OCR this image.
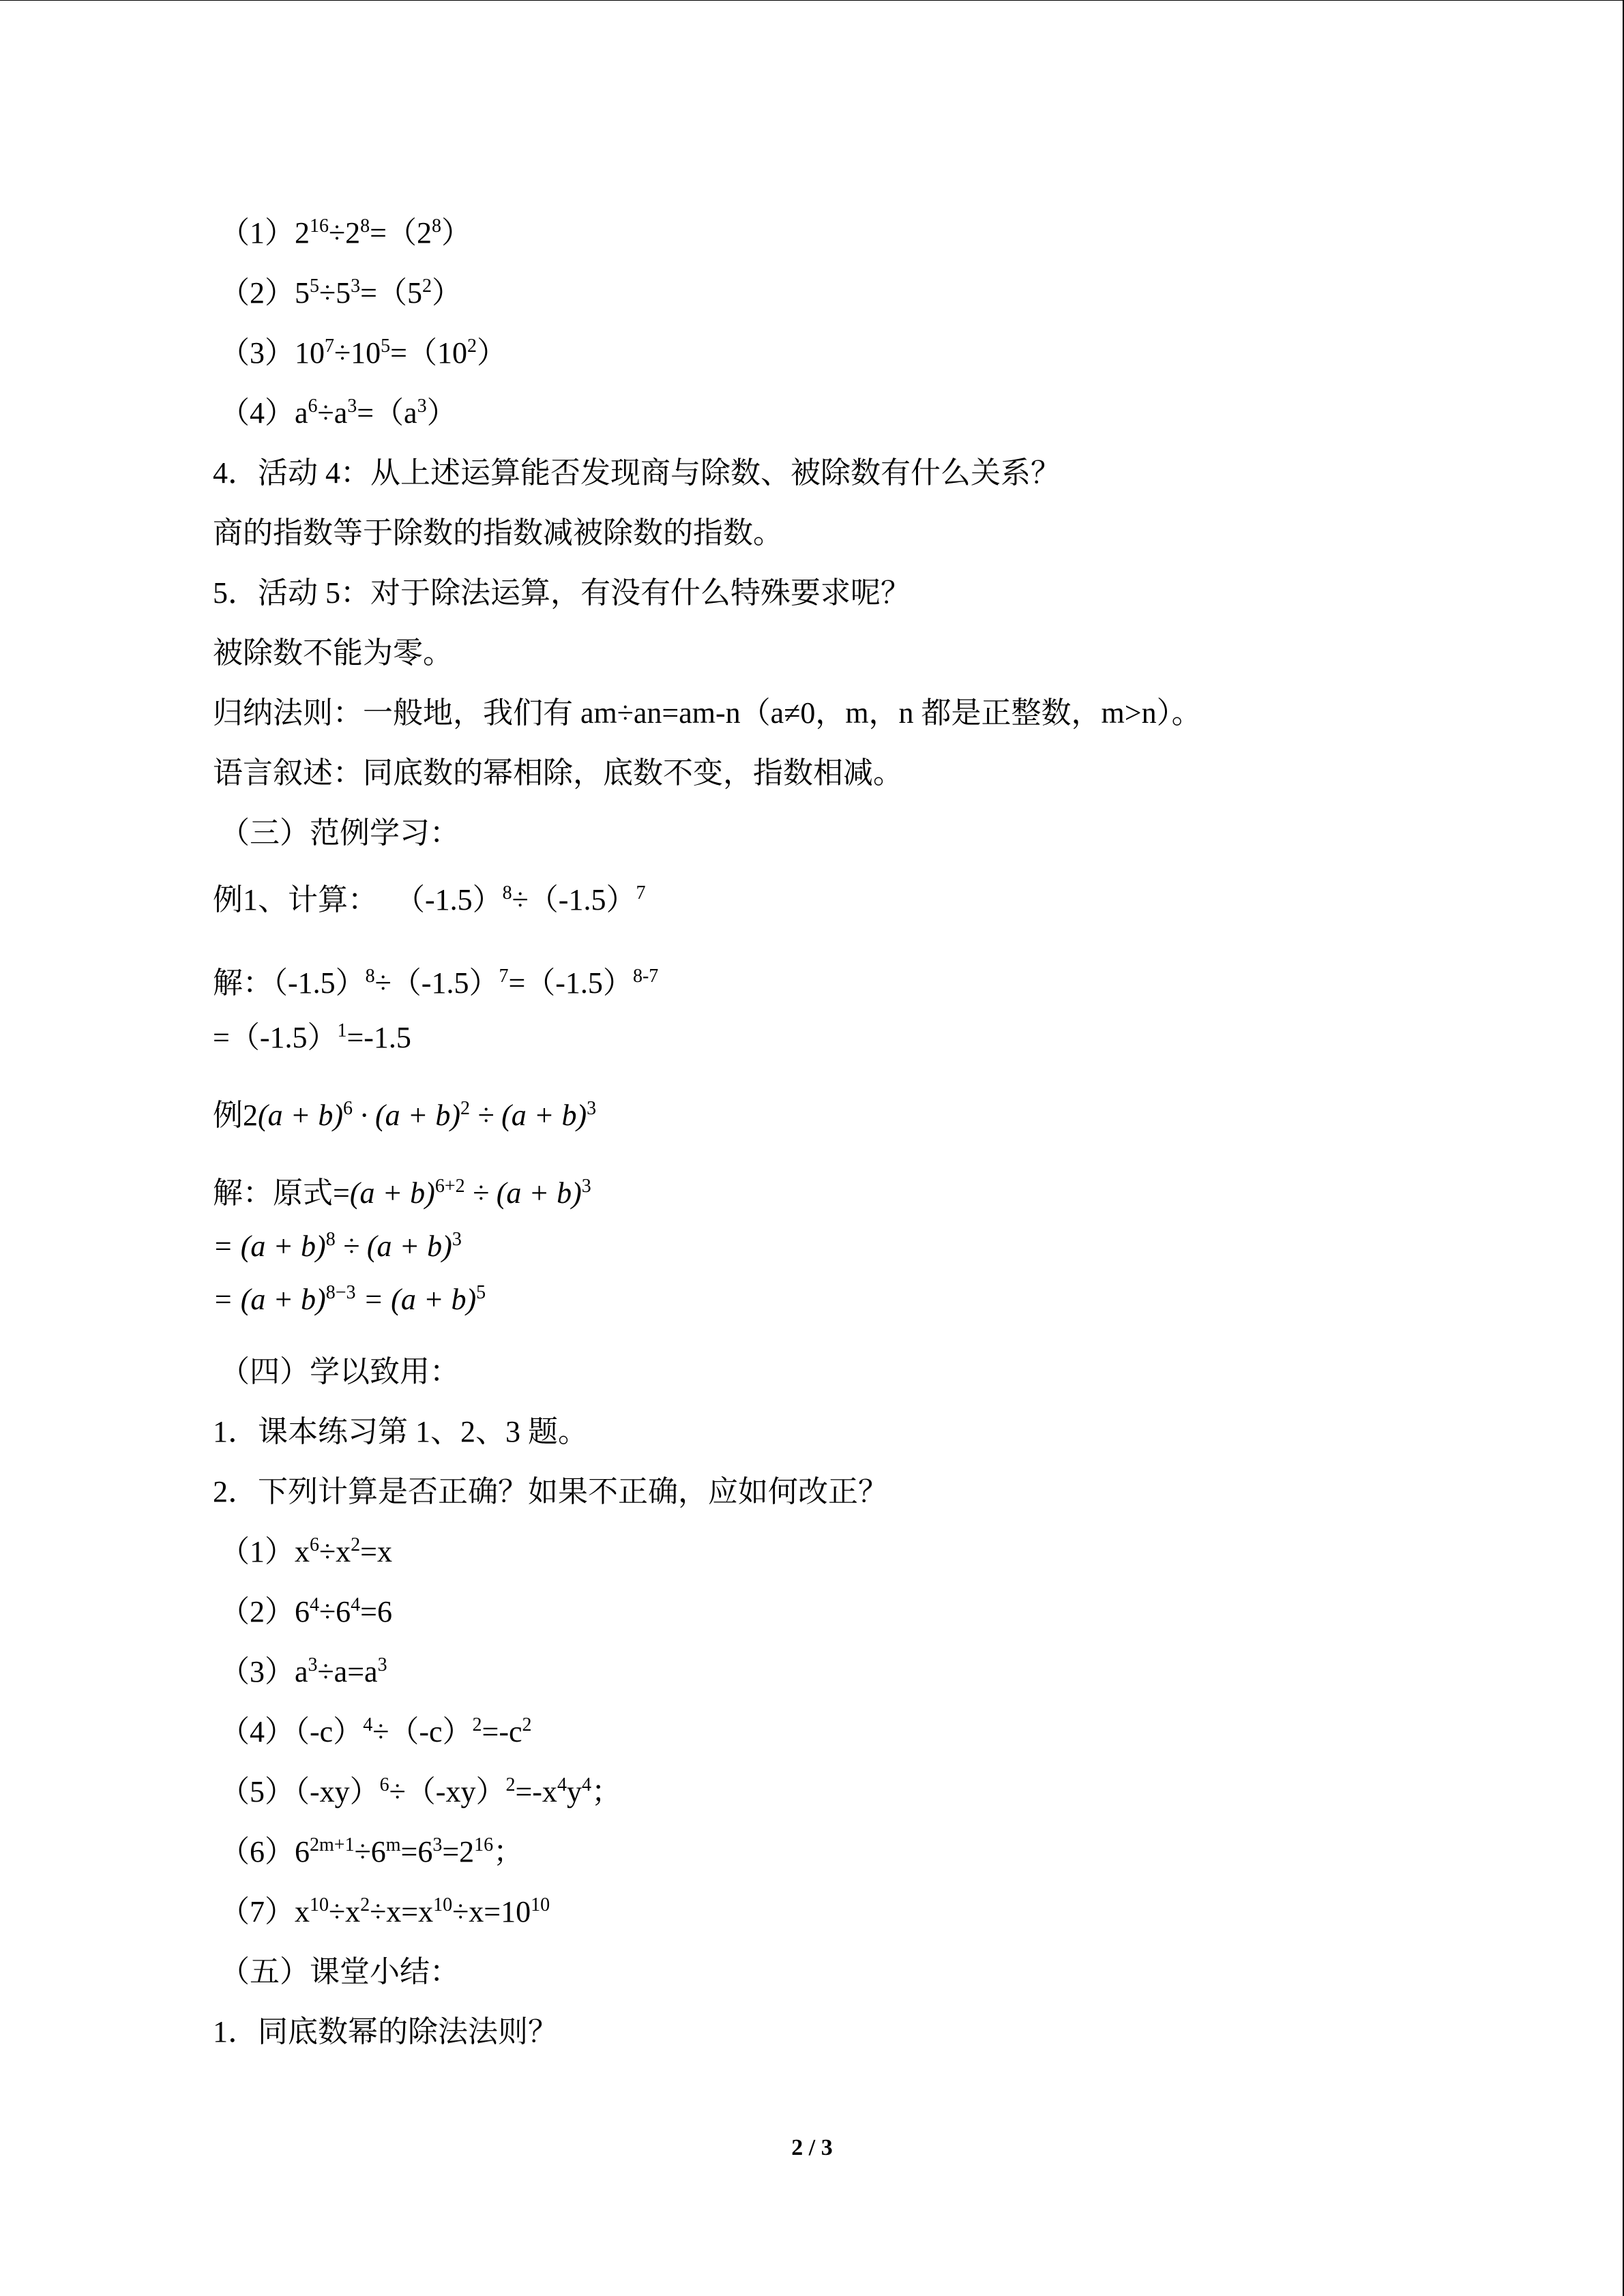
$(1)2^{16}\div 2^8=(2^8)$
$(2)5^5\div 5^3=(5^2)$
$(3)10^7\div 10^5=(10^2)$
$(4)a^6\div a^3=(a^3)$
4．活动 4：从上述运算能否发现商与除数、被除数有什么关系？
商的指数等于除数的指数减被除数的指数。
5．活动 5：对于除法运算，有没有什么特殊要求呢？
被除数不能为零。
归纳法则：一般地，我们有 am÷an=am-n（a≠0，m，n 都是正整数，m>n）。
语言叙述：同底数的幂相除，底数不变，指数相减。
（三）范例学习：
例1、计算： $(-1.5)^8\div(-1.5)^7$
解：$(-1.5)^8\div(-1.5)^7=(-1.5)^{8-7}$
$=(-1.5)^1=-1.5$
例$2(a + b)^6 \cdot (a + b)^2 \div (a + b)^3$
解：原式$=(a + b)^{6+2} \div (a + b)^3$
= $(a + b)^8 \div (a + b)^3$
= $(a + b)^{8-3} = (a + b)^5$
（四）学以致用：
1．课本练习第 1、2、3 题。
2．下列计算是否正确？如果不正确，应如何改正？
$(1)x^6\div x^2=x$
$(2)6^4\div 6^4=6$
$(3)a^3\div a=a^3$
$(4)(-c)^4\div(-c)^2=-c^2$
$(5)(-xy)^6\div(-xy)^2=-x^4y^4$；
$(6)6^{2m+1}\div 6^m=6^3=2^{16}$；
$(7)x^{10}\div x^2\div x=x^{10}\div x=10^{10}$
（五）课堂小结：
1．同底数幂的除法法则？
2 / 3
